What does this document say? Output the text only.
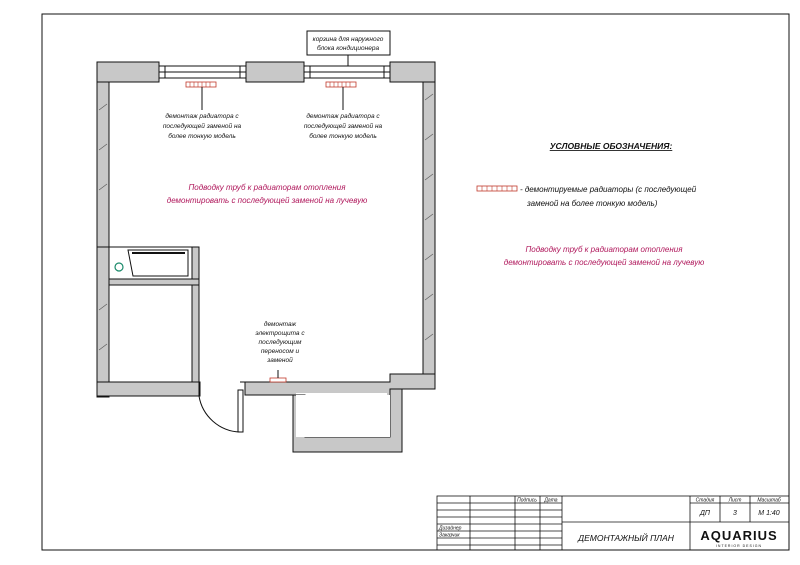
корзина для наружного
блока кондиционера
демонтаж радиатора с
последующей заменой на
более тонкую модель
демонтаж радиатора с
последующей заменой на
более тонкую модель
Подводку труб к радиаторам отопления
демонтировать с последующей заменой на лучевую
демонтаж
электрощита с
последующим
переносом и
заменой
УСЛОВНЫЕ ОБОЗНАЧЕНИЯ:
- демонтируемые радиаторы (с последующей
заменой на более тонкую модель)
Подводку труб к радиаторам отопления
демонтировать с последующей заменой на лучевую
Подпись Дата
Дизайнер
Заказчик	ДЕМОНТАЖНЫЙ ПЛАН
Стадия	Лист	Масштаб
ДП	3	М 1:40
AQUARIUS
INTERIOR DESIGN
